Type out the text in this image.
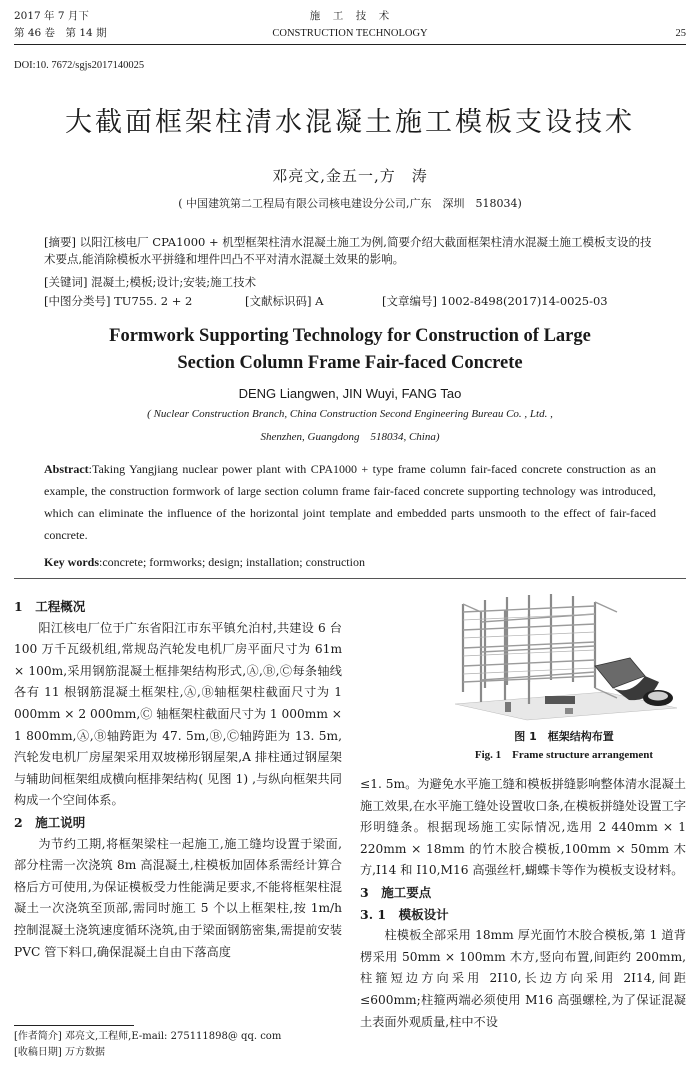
2017 年 7 月下
第 46 卷　第 14 期
施　工　技　术
CONSTRUCTION TECHNOLOGY	25
DOI:10. 7672/sgjs2017140025
大截面框架柱清水混凝土施工模板支设技术
邓亮文,金五一,方　涛
( 中国建筑第二工程局有限公司核电建设分公司,广东　深圳　518034)
[摘要] 以阳江核电厂 CPA1000 + 机型框架柱清水混凝土施工为例,简要介绍大截面框架柱清水混凝土施工模板支设的技术要点,能消除模板水平拼缝和埋件凹凸不平对清水混凝土效果的影响。
[关键词] 混凝土;模板;设计;安装;施工技术
[中图分类号] TU755. 2 + 2	[文献标识码] A	[文章编号] 1002-8498(2017)14-0025-03
Formwork Supporting Technology for Construction of Large
Section Column Frame Fair-faced Concrete
DENG Liangwen, JIN Wuyi, FANG Tao
( Nuclear Construction Branch, China Construction Second Engineering Bureau Co. , Ltd. ,
Shenzhen, Guangdong　518034, China)
Abstract:Taking Yangjiang nuclear power plant with CPA1000 + type frame column fair-faced concrete construction as an example, the construction formwork of large section column frame fair-faced concrete supporting technology was introduced, which can eliminate the influence of the horizontal joint template and embedded parts unsmooth to the effect of fair-faced concrete.
Key words:concrete; formworks; design; installation; construction
1　工程概况

阳江核电厂位于广东省阳江市东平镇允泊村,共建设 6 台 100 万千瓦级机组,常规岛汽轮发电机厂房平面尺寸为 61m × 100m,采用钢筋混凝土框排架结构形式,Ⓐ,Ⓑ,Ⓒ每条轴线各有 11 根钢筋混凝土框架柱,Ⓐ,Ⓑ轴框架柱截面尺寸为 1 000mm × 2 000mm,Ⓒ 轴框架柱截面尺寸为 1 000mm × 1 800mm,Ⓐ,Ⓑ轴跨距为 47. 5m,Ⓑ,Ⓒ轴跨距为 13. 5m,汽轮发电机厂房屋架采用双坡梯形钢屋架,A 排柱通过钢屋架与辅助间框架组成横向框排架结构( 见图 1) ,与纵向框架共同构成一个空间体系。

2　施工说明

为节约工期,将框架梁柱一起施工,施工缝均设置于梁面,部分柱需一次浇筑 8m 高混凝土,柱模板加固体系需经计算合格后方可使用,为保证模板受力性能满足要求,不能将框架柱混凝土一次浇筑至顶部,需同时施工 5 个以上框架柱,按 1m/h 控制混凝土浇筑速度循环浇筑,由于梁面钢筋密集,需提前安装 PVC 管下料口,确保混凝土自由下落高度

图 1　框架结构布置
Fig. 1　Frame structure arrangement

≤1. 5m。为避免水平施工缝和模板拼缝影响整体清水混凝土施工效果,在水平施工缝处设置收口条,在模板拼缝处设置工字形明缝条。根据现场施工实际情况,选用 2 440mm × 1 220mm × 18mm 的竹木胶合模板,100mm × 50mm 木方,I14 和 I10,M16 高强丝杆,蝴蝶卡等作为模板支设材料。

3　施工要点
3. 1　模板设计

柱模板全部采用 18mm 厚光面竹木胶合模板,第 1 道背楞采用 50mm × 100mm 木方,竖向布置,间距约 200mm,柱箍短边方向采用 2I10,长边方向采用 2I14,间距≤600mm;柱箍两端必须使用 M16 高强螺栓,为了保证混凝土表面外观质量,柱中不设

[作者简介] 邓亮文,工程师,E-mail: 275111898@ qq. com
[收稿日期] 万方数据
